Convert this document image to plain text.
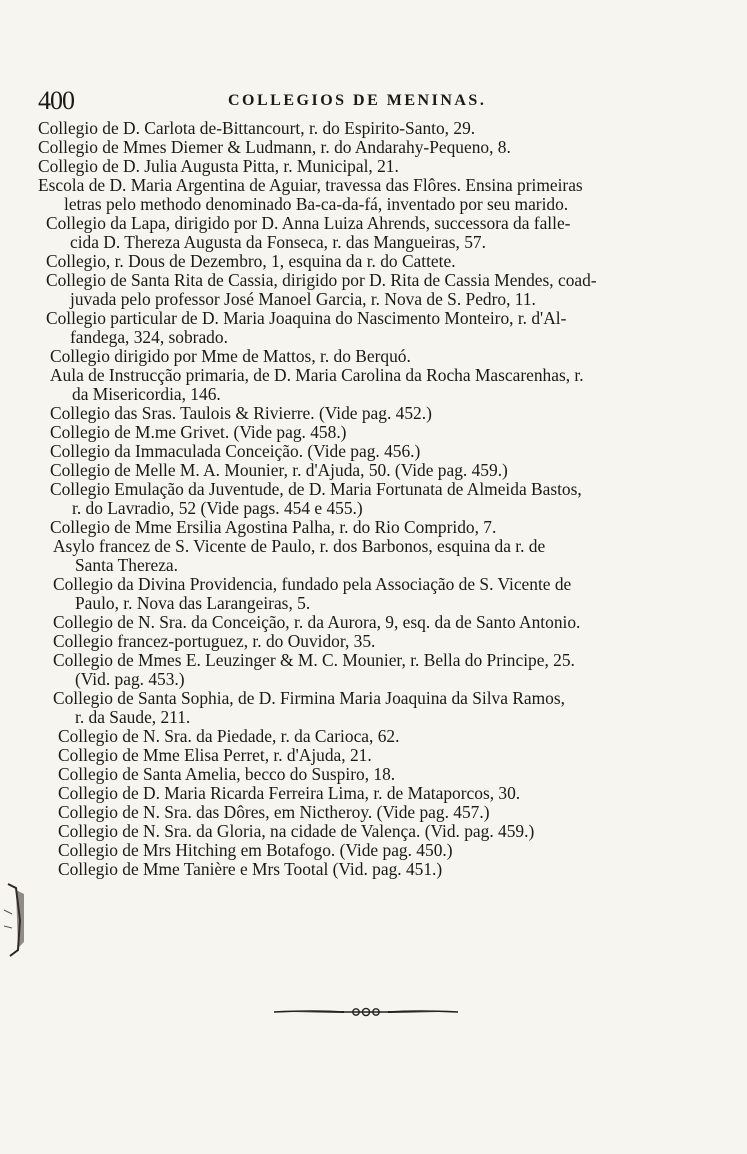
400	COLLEGIOS DE MENINAS.
Collegio de D. Carlota de-Bittancourt, r. do Espirito-Santo, 29.
Collegio de Mmes Diemer & Ludmann, r. do Andarahy-Pequeno, 8.
Collegio de D. Julia Augusta Pitta, r. Municipal, 21.
Escola de D. Maria Argentina de Aguiar, travessa das Flôres. Ensina primeiras
letras pelo methodo denominado Ba-ca-da-fá, inventado por seu marido.
Collegio da Lapa, dirigido por D. Anna Luiza Ahrends, successora da falle-
cida D. Thereza Augusta da Fonseca, r. das Mangueiras, 57.
Collegio, r. Dous de Dezembro, 1, esquina da r. do Cattete.
Collegio de Santa Rita de Cassia, dirigido por D. Rita de Cassia Mendes, coad-
juvada pelo professor José Manoel Garcia, r. Nova de S. Pedro, 11.
Collegio particular de D. Maria Joaquina do Nascimento Monteiro, r. d'Al-
fandega, 324, sobrado.
Collegio dirigido por Mme de Mattos, r. do Berquó.
Aula de Instrucção primaria, de D. Maria Carolina da Rocha Mascarenhas, r.
da Misericordia, 146.
Collegio das Sras. Taulois & Rivierre. (Vide pag. 452.)
Collegio de M.me Grivet. (Vide pag. 458.)
Collegio da Immaculada Conceição. (Vide pag. 456.)
Collegio de Melle M. A. Mounier, r. d'Ajuda, 50. (Vide pag. 459.)
Collegio Emulação da Juventude, de D. Maria Fortunata de Almeida Bastos,
r. do Lavradio, 52 (Vide pags. 454 e 455.)
Collegio de Mme Ersilia Agostina Palha, r. do Rio Comprido, 7.
Asylo francez de S. Vicente de Paulo, r. dos Barbonos, esquina da r. de
Santa Thereza.
Collegio da Divina Providencia, fundado pela Associação de S. Vicente de
Paulo, r. Nova das Larangeiras, 5.
Collegio de N. Sra. da Conceição, r. da Aurora, 9, esq. da de Santo Antonio.
Collegio francez-portuguez, r. do Ouvidor, 35.
Collegio de Mmes E. Leuzinger & M. C. Mounier, r. Bella do Principe, 25.
(Vid. pag. 453.)
Collegio de Santa Sophia, de D. Firmina Maria Joaquina da Silva Ramos,
r. da Saude, 211.
Collegio de N. Sra. da Piedade, r. da Carioca, 62.
Collegio de Mme Elisa Perret, r. d'Ajuda, 21.
Collegio de Santa Amelia, becco do Suspiro, 18.
Collegio de D. Maria Ricarda Ferreira Lima, r. de Mataporcos, 30.
Collegio de N. Sra. das Dôres, em Nictheroy. (Vide pag. 457.)
Collegio de N. Sra. da Gloria, na cidade de Valença. (Vid. pag. 459.)
Collegio de Mrs Hitching em Botafogo. (Vide pag. 450.)
Collegio de Mme Tanière e Mrs Tootal (Vid. pag. 451.)
